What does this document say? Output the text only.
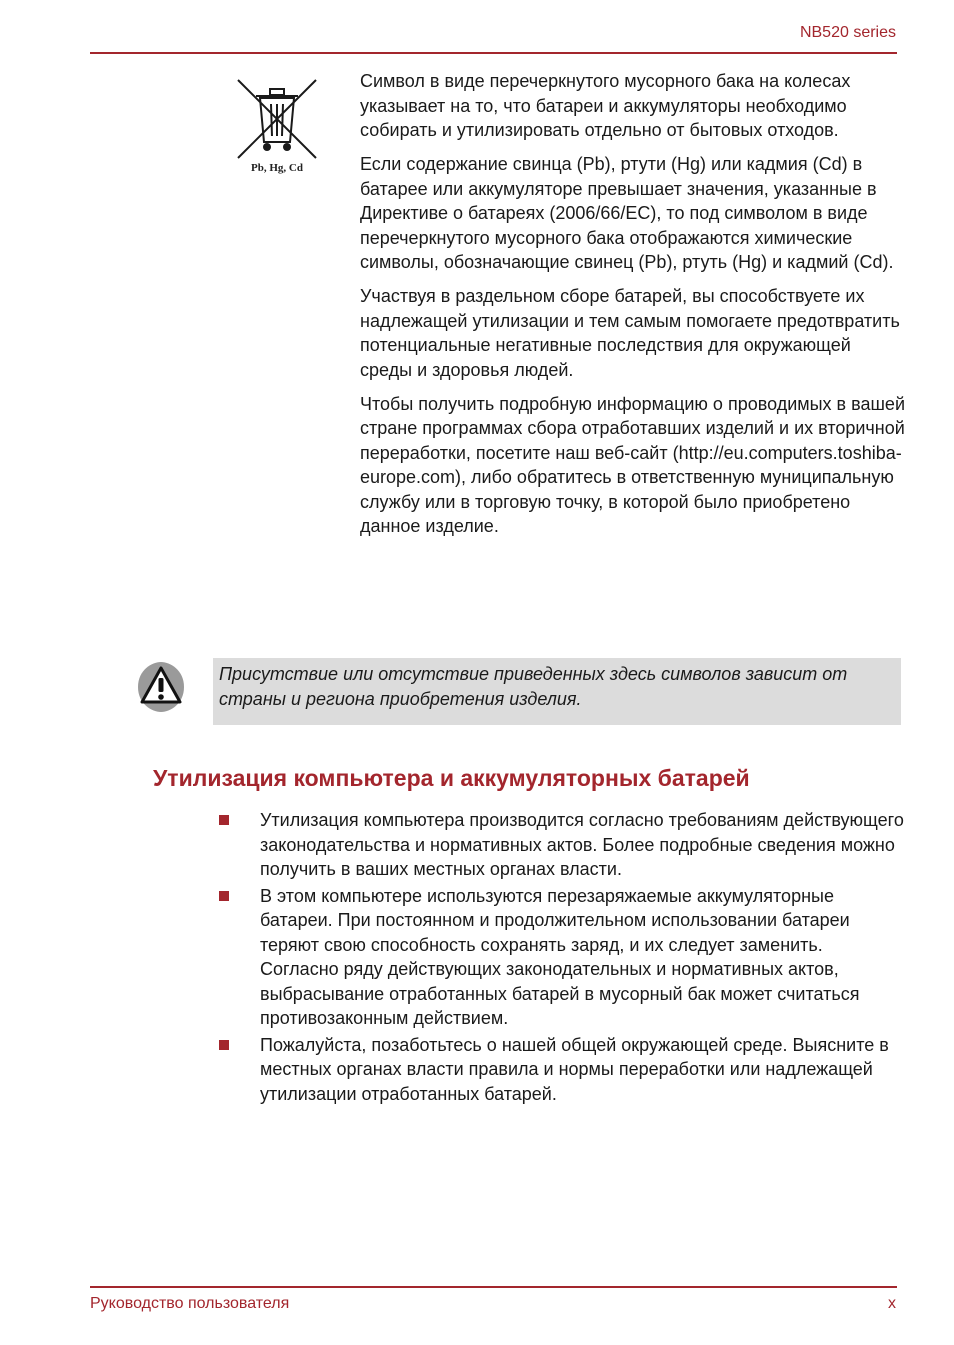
NB520 series
Pb, Hg, Cd

Символ в виде перечеркнутого мусорного бака на колесах указывает на то, что батареи и аккумуляторы необходимо собирать и утилизировать отдельно от бытовых отходов.

Если содержание свинца (Pb), ртути (Hg) или кадмия (Cd) в батарее или аккумуляторе превышает значения, указанные в Директиве о батареях (2006/66/EC), то под символом в виде перечеркнутого мусорного бака отображаются химические символы, обозначающие свинец (Pb), ртуть (Hg) и кадмий (Cd).

Участвуя в раздельном сборе батарей, вы способствуете их надлежащей утилизации и тем самым помогаете предотвратить потенциальные негативные последствия для окружающей среды и здоровья людей.

Чтобы получить подробную информацию о проводимых в вашей стране программах сбора отработавших изделий и их вторичной переработки, посетите наш веб-сайт (http://eu.computers.toshiba-europe.com), либо обратитесь в ответственную муниципальную службу или в торговую точку, в которой было приобретено данное изделие.

Присутствие или отсутствие приведенных здесь символов зависит от страны и региона приобретения изделия.

Утилизация компьютера и аккумуляторных батарей
Утилизация компьютера производится согласно требованиям действующего законодательства и нормативных актов. Более подробные сведения можно получить в ваших местных органах власти.
В этом компьютере используются перезаряжаемые аккумуляторные батареи. При постоянном и продолжительном использовании батареи теряют свою способность сохранять заряд, и их следует заменить. Согласно ряду действующих законодательных и нормативных актов, выбрасывание отработанных батарей в мусорный бак может считаться противозаконным действием.
Пожалуйста, позаботьтесь о нашей общей окружающей среде. Выясните в местных органах власти правила и нормы переработки или надлежащей утилизации отработанных батарей.
Руководство пользователя	x
